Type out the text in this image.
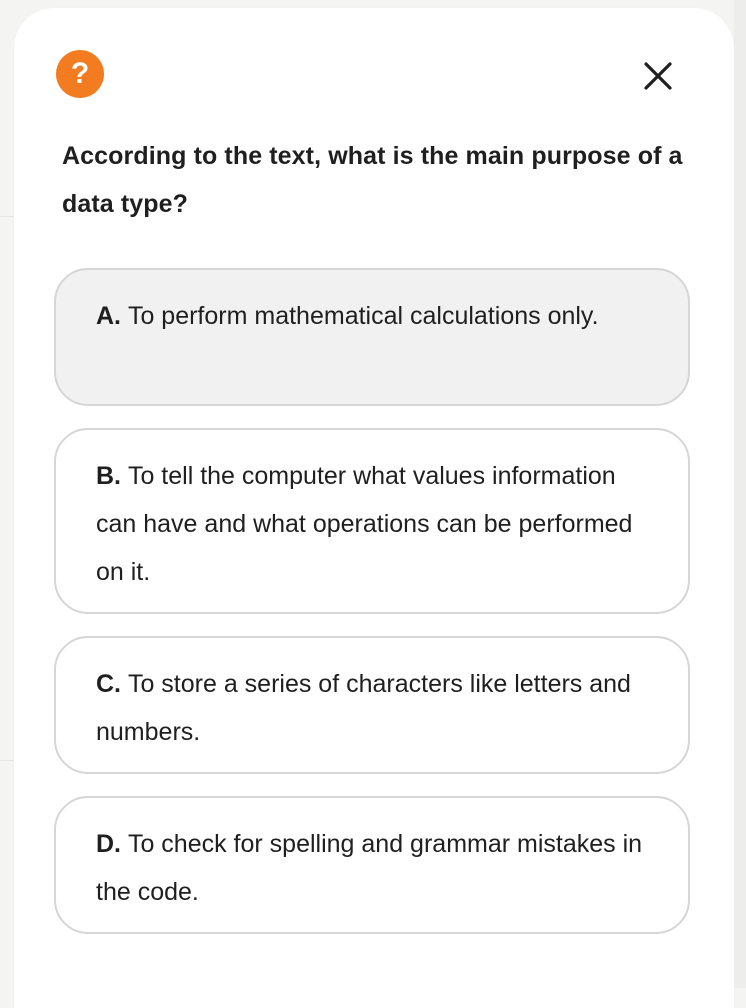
?
According to the text, what is the main purpose of a data type?
A. To perform mathematical calculations only.
B. To tell the computer what values information can have and what operations can be performed on it.
C. To store a series of characters like letters and numbers.
D. To check for spelling and grammar mistakes in the code.
